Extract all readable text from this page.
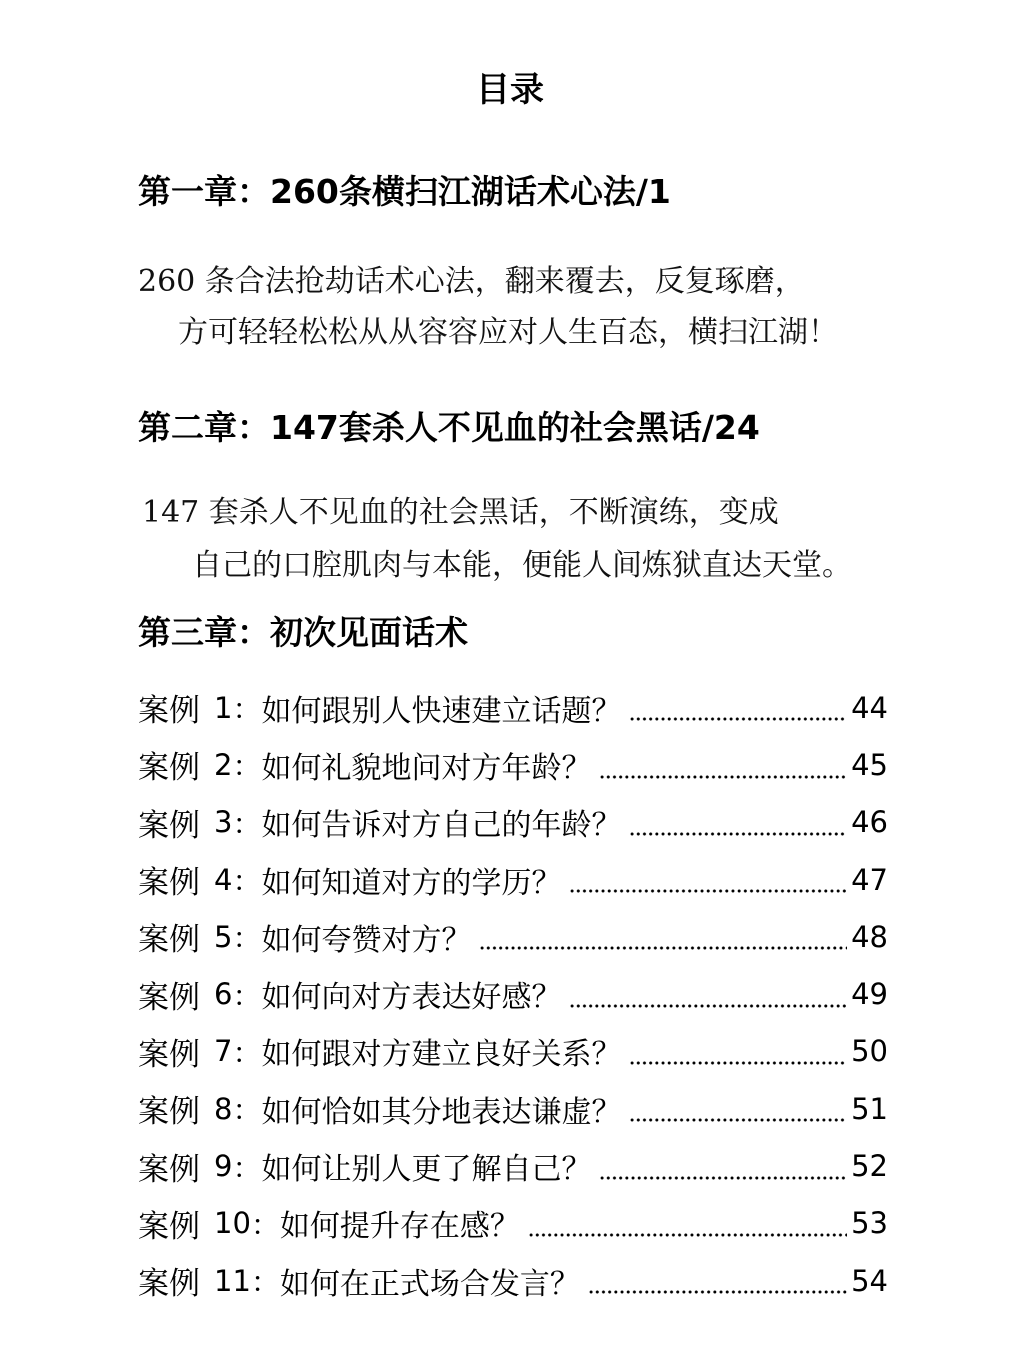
目录
第一章：260条横扫江湖话术心法/1
260 条合法抢劫话术心法，翻来覆去，反复琢磨，
方可轻轻松松从从容容应对人生百态，横扫江湖！
第二章：147套杀人不见血的社会黑话/24
147 套杀人不见血的社会黑话，不断演练，变成
自己的口腔肌肉与本能，便能人间炼狱直达天堂。
第三章：初次见面话术
案例 1 ： 如何跟别人快速建立话题？	44
案例 2 ： 如何礼貌地问对方年龄？	45
案例 3 ： 如何告诉对方自己的年龄？	46
案例 4 ： 如何知道对方的学历？	47
案例 5 ： 如何夸赞对方？	48
案例 6 ： 如何向对方表达好感？	49
案例 7 ： 如何跟对方建立良好关系？	50
案例 8 ： 如何恰如其分地表达谦虚？	51
案例 9 ： 如何让别人更了解自己？	52
案例 10 ： 如何提升存在感？	53
案例 11 ： 如何在正式场合发言？	54
